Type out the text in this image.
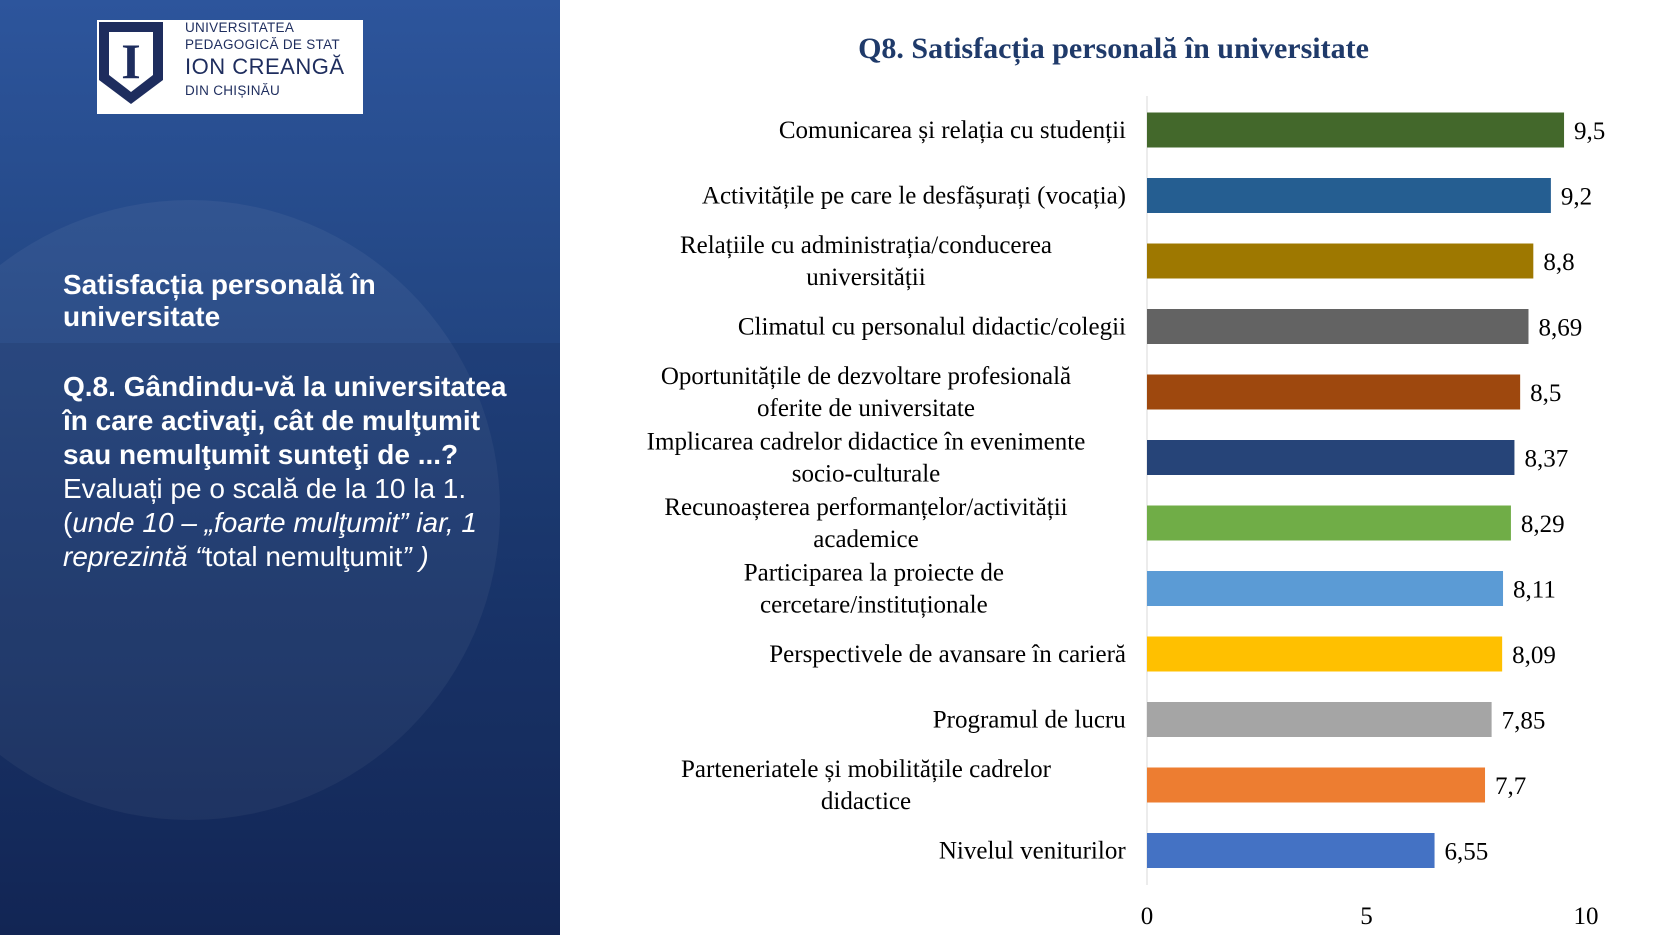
I
UNIVERSITATEA
PEDAGOGICĂ DE STAT
ION CREANGĂ
DIN CHIȘINĂU
Satisfacția personală în universitate
Q.8. Gândindu-vă la universitatea în care activaţi, cât de mulţumit sau nemulţumit sunteţi de ...? Evaluați pe o scală de la 10 la 1. (unde 10 – „foarte mulţumit” iar, 1 reprezintă “total nemulţumit” )
Q8. Satisfacția personală în universitate
9,5
Comunicarea și relația cu studenții
9,2
Activitățile pe care le desfășurați (vocația)
8,8
Relațiile cu administrația/conducerea universității
8,69
Climatul cu personalul didactic/colegii
8,5
Oportunitățile de dezvoltare profesională oferite de universitate
8,37
Implicarea cadrelor didactice în evenimente socio-culturale
8,29
Recunoașterea performanțelor/activității academice
8,11
Participarea la proiecte de cercetare/instituționale
8,09
Perspectivele de avansare în carieră
7,85
Programul de lucru
7,7
Parteneriatele și mobilitățile cadrelor didactice
6,55
Nivelul veniturilor
0	5	10
